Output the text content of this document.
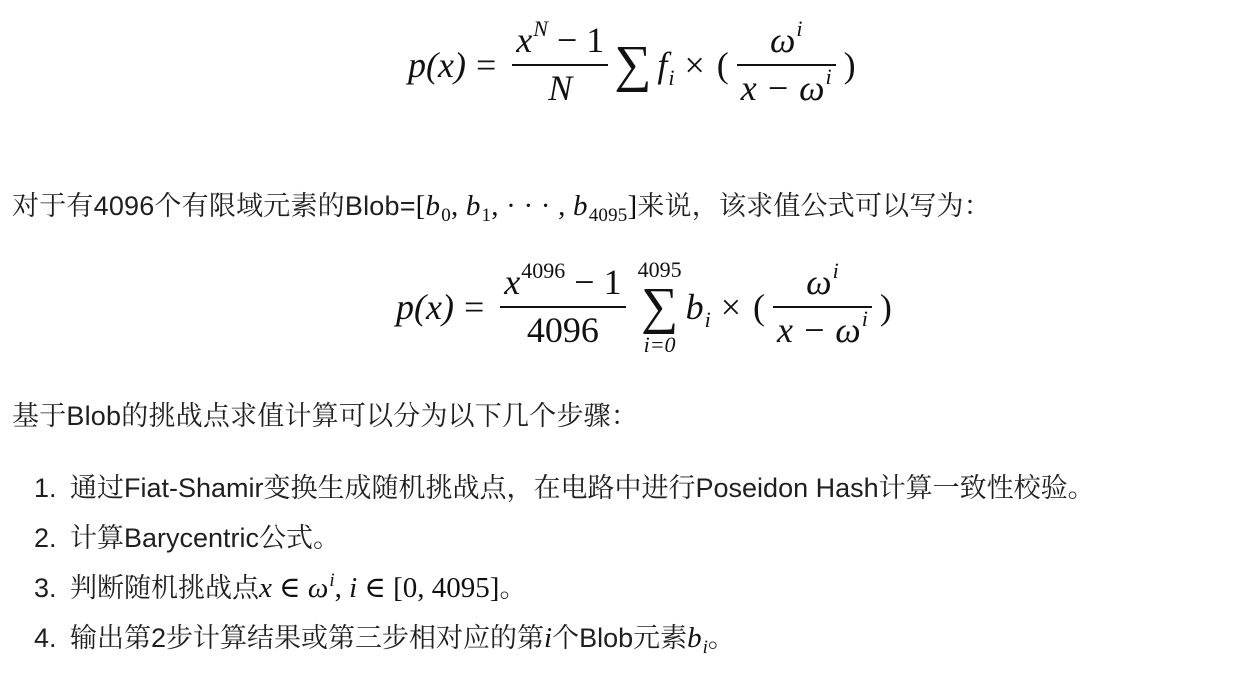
$p(x) = \frac{x^N - 1}{N}$ ∑ $f_i$ × ( $\frac{\omega^i}{x - \omega^i}$ )
对于有4096个有限域元素的$Blob=[b_0$, $b_1$, · · · , $b_{4095}$]来说，该求值公式可以写为：
$p(x) = \frac{x^{4096} - 1}{4096} 4095$
∑
i=0
$b_i$ × ( $\frac{\omega^i}{x - \omega^i}$ )
基于Blob的挑战点求值计算可以分为以下几个步骤：
1. 通过Fiat-Shamir变换生成随机挑战点，在电路中进行Poseidon Hash计算一致性校验。
2. 计算Barycentric公式。
3. 判断随机挑战点x ∈ $\omega^i$, i ∈ [0, 4095]。
4. 输出第2步计算结果或第三步相对应的第i个Blob元素$b_i$。
